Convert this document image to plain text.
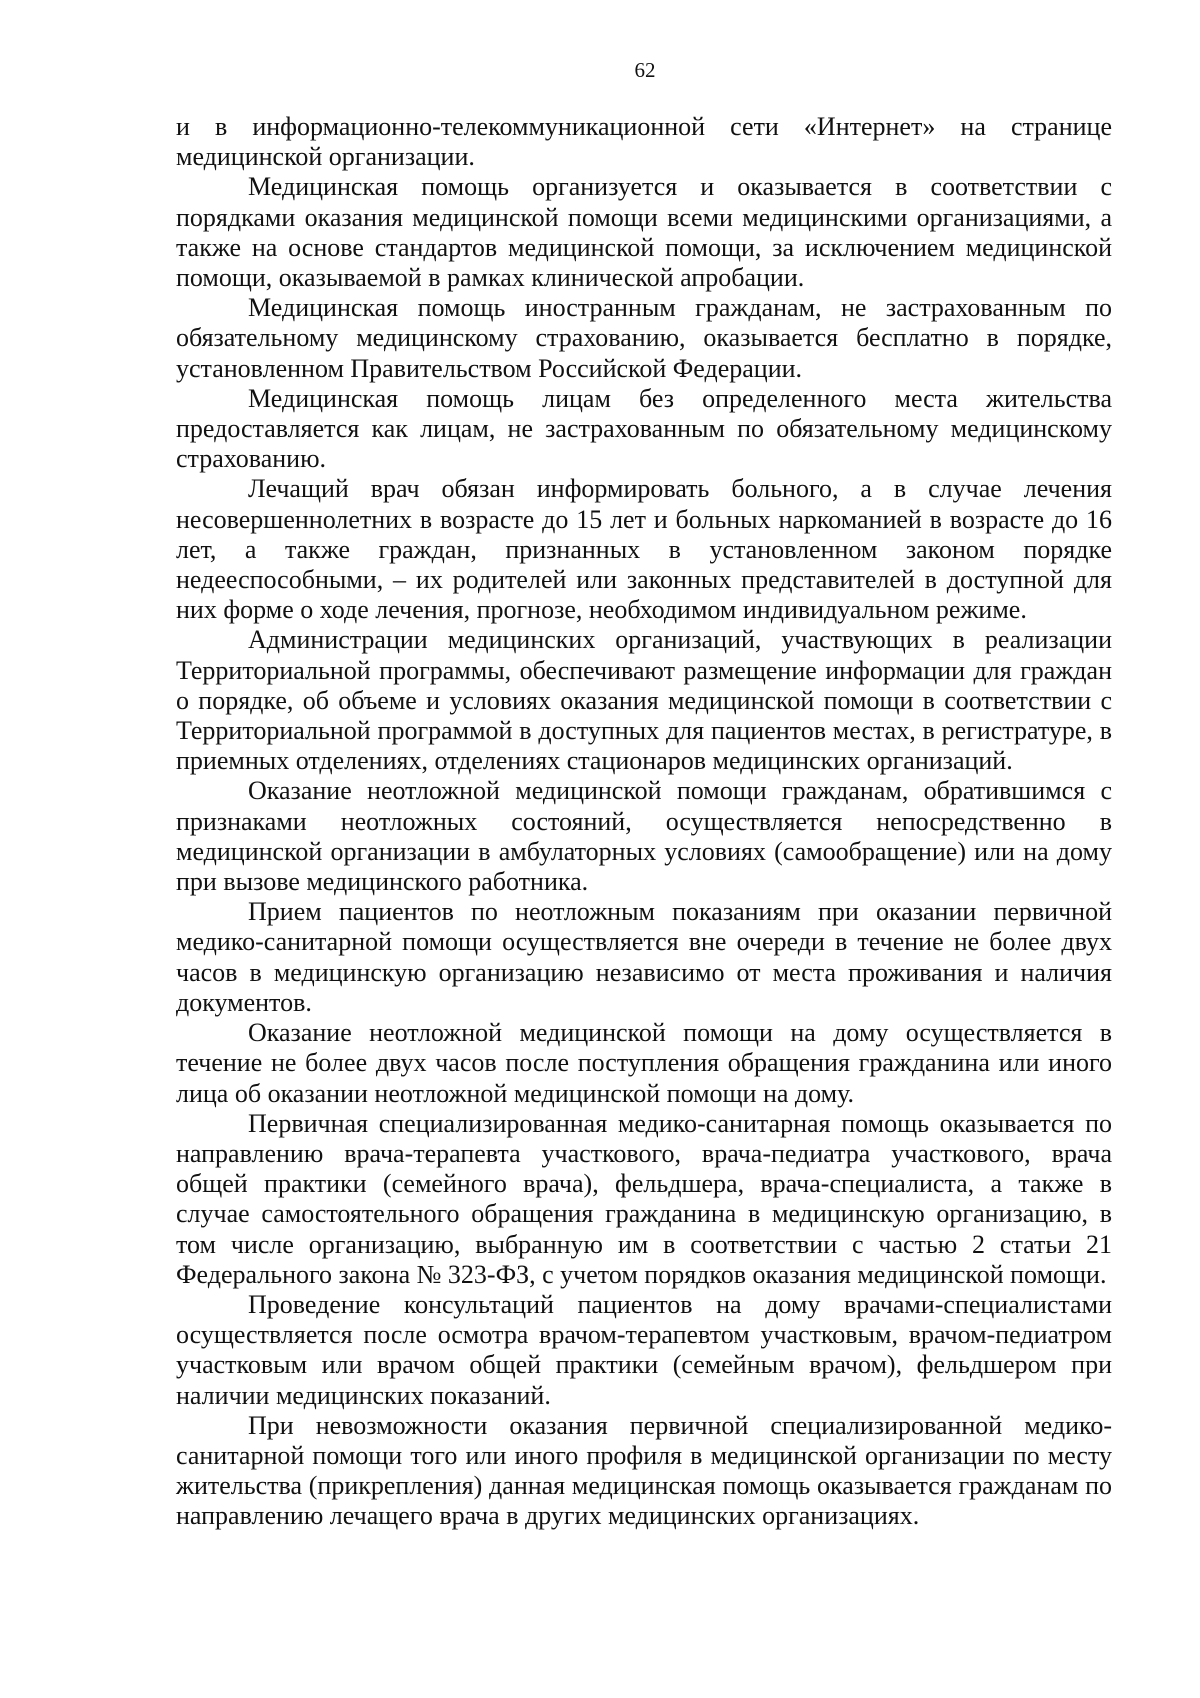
62

и в информационно-телекоммуникационной сети «Интернет» на странице медицинской организации.

Медицинская помощь организуется и оказывается в соответствии с порядками оказания медицинской помощи всеми медицинскими организациями, а также на основе стандартов медицинской помощи, за исключением медицинской помощи, оказываемой в рамках клинической апробации.

Медицинская помощь иностранным гражданам, не застрахованным по обязательному медицинскому страхованию, оказывается бесплатно в порядке, установленном Правительством Российской Федерации.

Медицинская помощь лицам без определенного места жительства предоставляется как лицам, не застрахованным по обязательному медицинскому страхованию.

Лечащий врач обязан информировать больного, а в случае лечения несовершеннолетних в возрасте до 15 лет и больных наркоманией в возрасте до 16 лет, а также граждан, признанных в установленном законом порядке недееспособными, – их родителей или законных представителей в доступной для них форме о ходе лечения, прогнозе, необходимом индивидуальном режиме.

Администрации медицинских организаций, участвующих в реализации Территориальной программы, обеспечивают размещение информации для граждан о порядке, об объеме и условиях оказания медицинской помощи в соответствии с Территориальной программой в доступных для пациентов местах, в регистратуре, в приемных отделениях, отделениях стационаров медицинских организаций.

Оказание неотложной медицинской помощи гражданам, обратившимся с признаками неотложных состояний, осуществляется непосредственно в медицинской организации в амбулаторных условиях (самообращение) или на дому при вызове медицинского работника.

Прием пациентов по неотложным показаниям при оказании первичной медико-санитарной помощи осуществляется вне очереди в течение не более двух часов в медицинскую организацию независимо от места проживания и наличия документов.

Оказание неотложной медицинской помощи на дому осуществляется в течение не более двух часов после поступления обращения гражданина или иного лица об оказании неотложной медицинской помощи на дому.

Первичная специализированная медико-санитарная помощь оказывается по направлению врача-терапевта участкового, врача-педиатра участкового, врача общей практики (семейного врача), фельдшера, врача-специалиста, а также в случае самостоятельного обращения гражданина в медицинскую организацию, в том числе организацию, выбранную им в соответствии с частью 2 статьи 21 Федерального закона № 323-ФЗ, с учетом порядков оказания медицинской помощи.

Проведение консультаций пациентов на дому врачами-специалистами осуществляется после осмотра врачом-терапевтом участковым, врачом-педиатром участковым или врачом общей практики (семейным врачом), фельдшером при наличии медицинских показаний.

При невозможности оказания первичной специализированной медико-санитарной помощи того или иного профиля в медицинской организации по месту жительства (прикрепления) данная медицинская помощь оказывается гражданам по направлению лечащего врача в других медицинских организациях.
